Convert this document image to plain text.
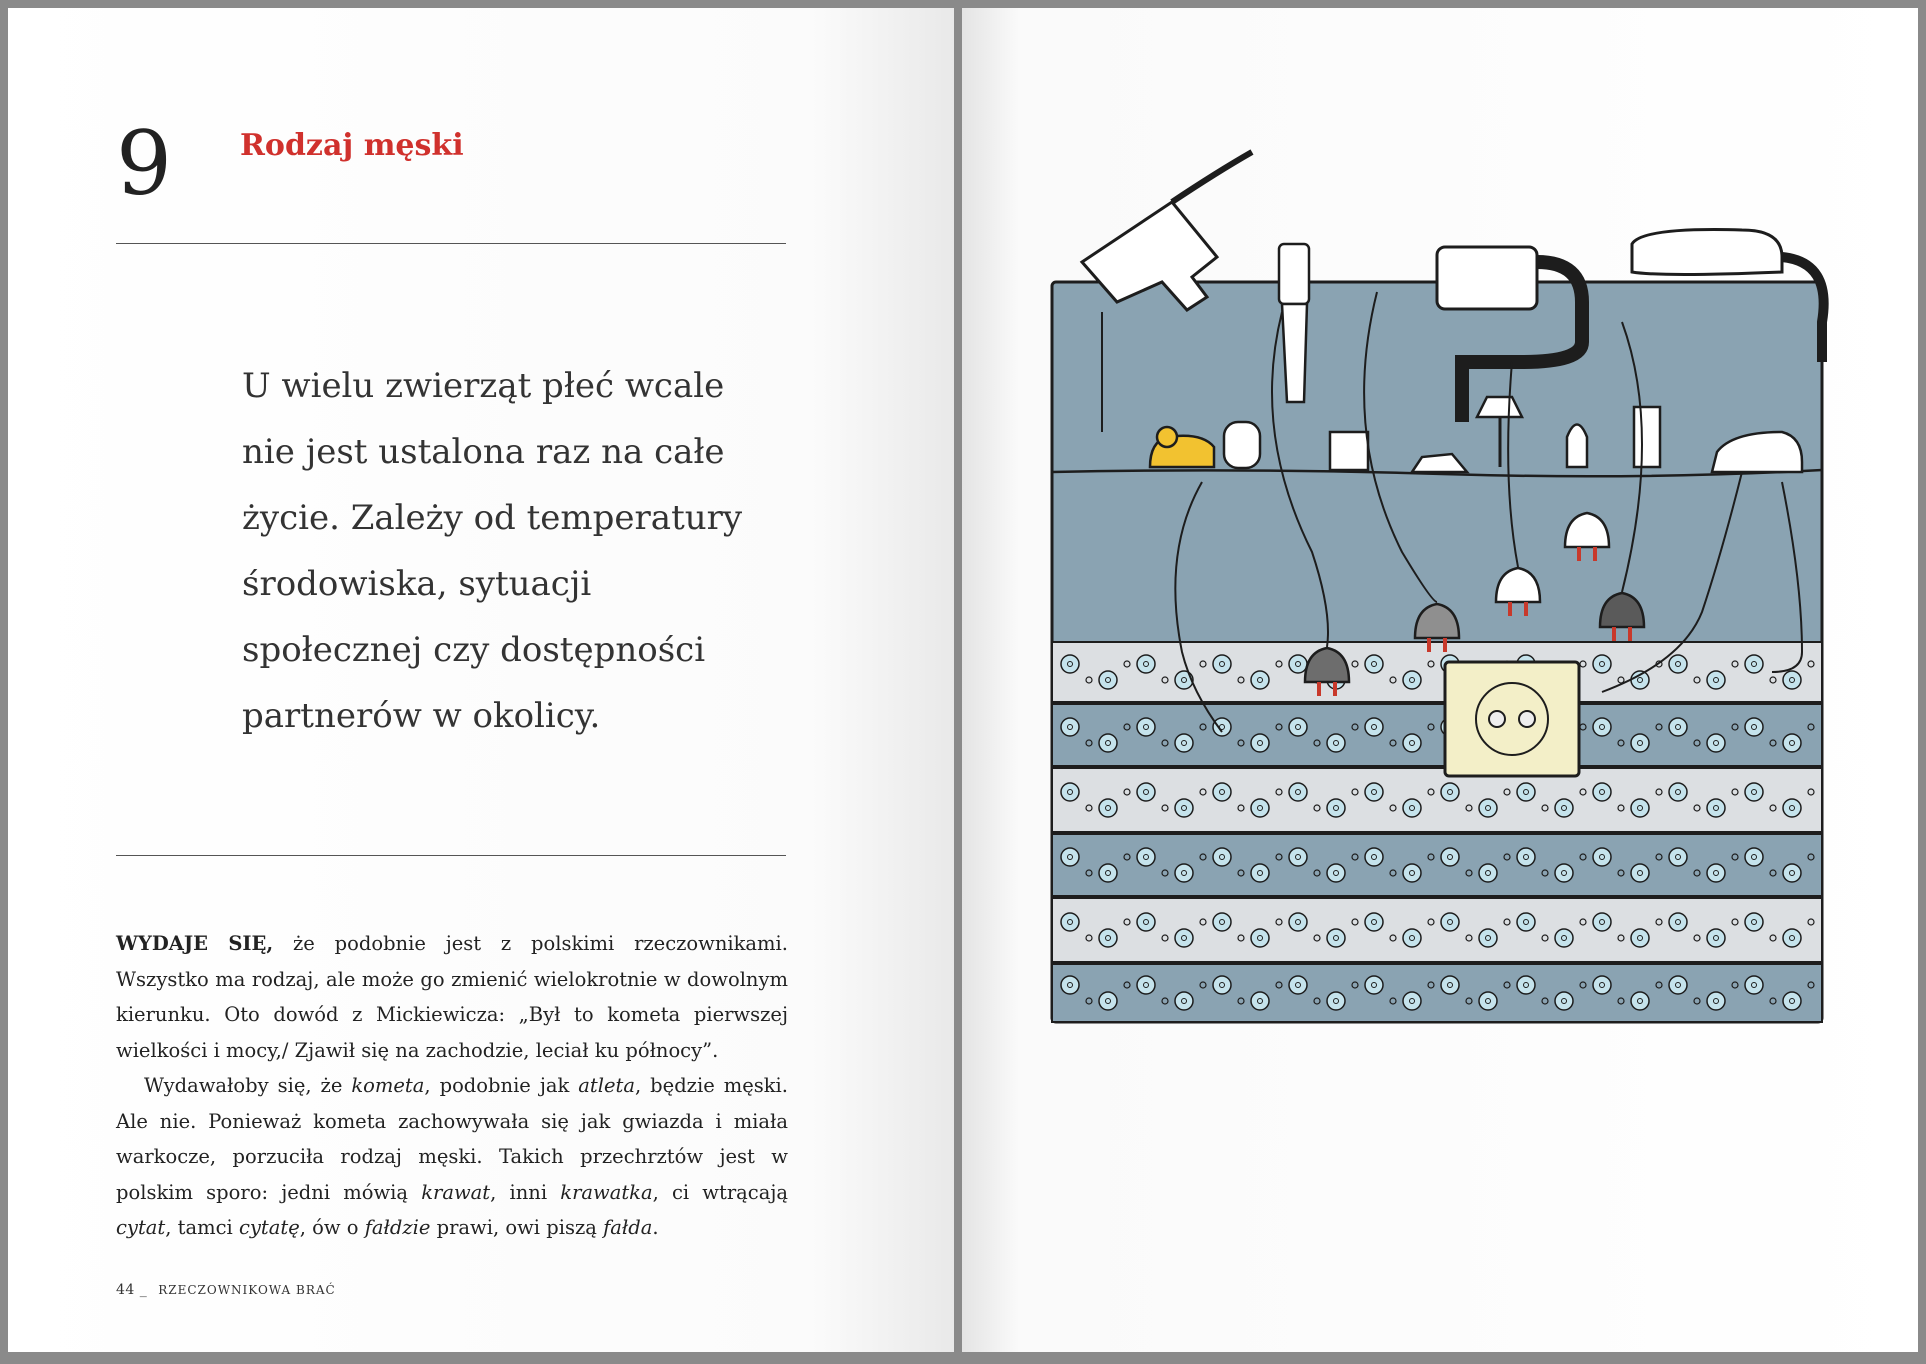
9 Rodzaj męski

U wielu zwierząt płeć wcale

nie jest ustalona raz na całe

życie. Zależy od temperatury

środowiska, sytuacji

społecznej czy dostępności

partnerów w okolicy.

WYDAJE SIĘ, że podobnie jest z polskimi rzeczownikami. Wszystko ma rodzaj, ale może go zmienić wielokrotnie w dowolnym kierunku. Oto dowód z Mickiewicza: „Był to kometa pierwszej wielkości i mocy,/ Zjawił się na zachodzie, leciał ku północy”.

Wydawałoby się, że kometa, podobnie jak atleta, będzie męski. Ale nie. Ponieważ kometa zachowywała się jak gwiazda i miała warkocze, porzuciła rodzaj męski. Takich przechrztów jest w polskim sporo: jedni mówią krawat, inni krawatka, ci wtrącają cytat, tamci cytatę, ów o fałdzie prawi, owi piszą fałda.

44 _ RZECZOWNIKOWA BRAĆ
